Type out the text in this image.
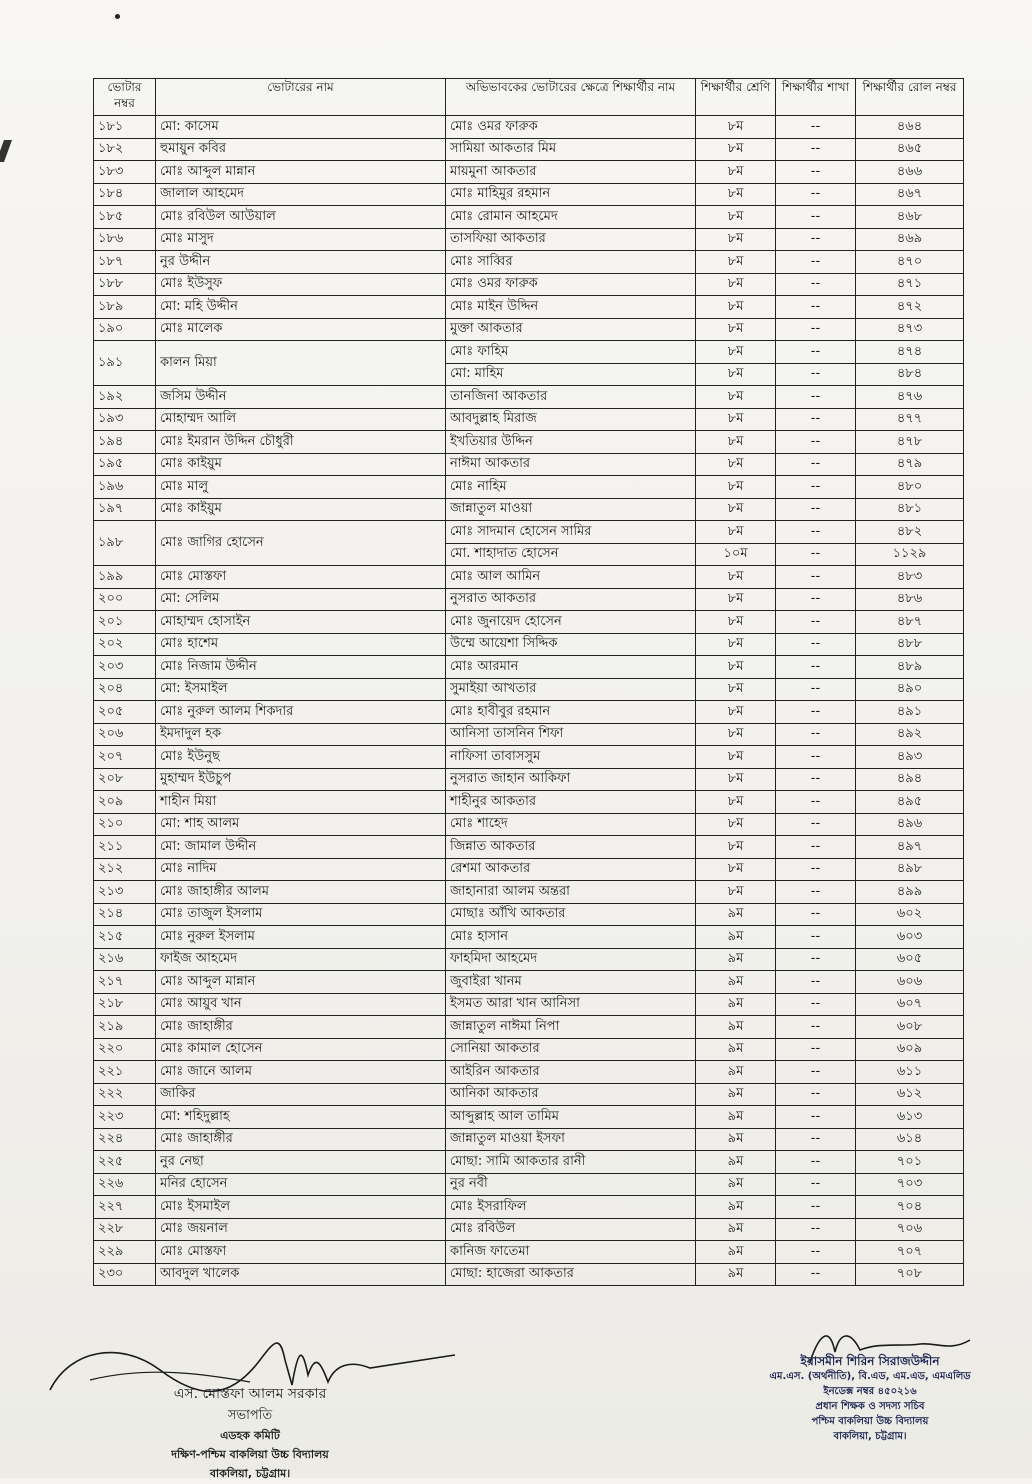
ভোটার নম্বর	ভোটারের নাম	অভিভাবকের ভোটারের ক্ষেত্রে শিক্ষার্থীর নাম	শিক্ষার্থীর শ্রেণি	শিক্ষার্থীর শাখা	শিক্ষার্থীর রোল নম্বর
১৮১	মো: কাসেম	মোঃ ওমর ফারুক	৮ম	--	৪৬৪
১৮২	হুমায়ুন কবির	সামিয়া আকতার মিম	৮ম	--	৪৬৫
১৮৩	মোঃ আব্দুল মান্নান	মায়মুনা আকতার	৮ম	--	৪৬৬
১৮৪	জালাল আহমেদ	মোঃ মাহিমুর রহমান	৮ম	--	৪৬৭
১৮৫	মোঃ রবিউল আউয়াল	মোঃ রোমান আহমেদ	৮ম	--	৪৬৮
১৮৬	মোঃ মাসুদ	তাসফিয়া আকতার	৮ম	--	৪৬৯
১৮৭	নুর উদ্দীন	মোঃ সাব্বির	৮ম	--	৪৭০
১৮৮	মোঃ ইউসুফ	মোঃ ওমর ফারুক	৮ম	--	৪৭১
১৮৯	মো: মহি উদ্দীন	মোঃ মাইন উদ্দিন	৮ম	--	৪৭২
১৯০	মোঃ মালেক	মুক্তা আকতার	৮ম	--	৪৭৩
১৯১	কালন মিয়া	মোঃ ফাহিম	৮ম	--	৪৭৪
		মো: মাহিম	৮ম	--	৪৮৪
১৯২	জসিম উদ্দীন	তানজিনা আকতার	৮ম	--	৪৭৬
১৯৩	মোহাম্মদ আলি	আবদুল্লাহ মিরাজ	৮ম	--	৪৭৭
১৯৪	মোঃ ইমরান উদ্দিন চৌধুরী	ইখতিয়ার উদ্দিন	৮ম	--	৪৭৮
১৯৫	মোঃ কাইয়ুম	নাঈমা আকতার	৮ম	--	৪৭৯
১৯৬	মোঃ মালু	মোঃ নাহিম	৮ম	--	৪৮০
১৯৭	মোঃ কাইয়ুম	জান্নাতুল মাওয়া	৮ম	--	৪৮১
১৯৮	মোঃ জাগির হোসেন	মোঃ সাদমান হোসেন সামির	৮ম	--	৪৮২
		মো. শাহাদাত হোসেন	১০ম	--	১১২৯
১৯৯	মোঃ মোস্তফা	মোঃ আল আমিন	৮ম	--	৪৮৩
২০০	মো: সেলিম	নুসরাত আকতার	৮ম	--	৪৮৬
২০১	মোহাম্মদ হোসাইন	মোঃ জুনায়েদ হোসেন	৮ম	--	৪৮৭
২০২	মোঃ হাশেম	উম্মে আয়েশা সিদ্দিক	৮ম	--	৪৮৮
২০৩	মোঃ নিজাম উদ্দীন	মোঃ আরমান	৮ম	--	৪৮৯
২০৪	মো: ইসমাইল	সুমাইয়া আখতার	৮ম	--	৪৯০
২০৫	মোঃ নুরুল আলম শিকদার	মোঃ হাবীবুর রহমান	৮ম	--	৪৯১
২০৬	ইমদাদুল হক	আনিসা তাসনিন শিফা	৮ম	--	৪৯২
২০৭	মোঃ ইউনুছ	নাফিসা তাবাসসুম	৮ম	--	৪৯৩
২০৮	মুহাম্মদ ইউচুপ	নুসরাত জাহান আকিফা	৮ম	--	৪৯৪
২০৯	শাহীন মিয়া	শাহীনুর আকতার	৮ম	--	৪৯৫
২১০	মো: শাহ আলম	মোঃ শাহেদ	৮ম	--	৪৯৬
২১১	মো: জামাল উদ্দীন	জিন্নাত আকতার	৮ম	--	৪৯৭
২১২	মোঃ নাদিম	রেশমা আকতার	৮ম	--	৪৯৮
২১৩	মোঃ জাহাঙ্গীর আলম	জাহানারা আলম অন্তরা	৮ম	--	৪৯৯
২১৪	মোঃ তাজুল ইসলাম	মোছাঃ আঁখি আকতার	৯ম	--	৬০২
২১৫	মোঃ নুরুল ইসলাম	মোঃ হাসান	৯ম	--	৬০৩
২১৬	ফাইজ আহমেদ	ফাহমিদা আহমেদ	৯ম	--	৬০৫
২১৭	মোঃ আব্দুল মান্নান	জুবাইরা খানম	৯ম	--	৬০৬
২১৮	মোঃ আয়ুব খান	ইসমত আরা খান আনিসা	৯ম	--	৬০৭
২১৯	মোঃ জাহাঙ্গীর	জান্নাতুল নাঈমা নিপা	৯ম	--	৬০৮
২২০	মোঃ কামাল হোসেন	সোনিয়া আকতার	৯ম	--	৬০৯
২২১	মোঃ জানে আলম	আইরিন আকতার	৯ম	--	৬১১
২২২	জাকির	আনিকা আকতার	৯ম	--	৬১২
২২৩	মো: শহিদুল্লাহ	আব্দুল্লাহ আল তামিম	৯ম	--	৬১৩
২২৪	মোঃ জাহাঙ্গীর	জান্নাতুল মাওয়া ইসফা	৯ম	--	৬১৪
২২৫	নুর নেছা	মোছা: সামি আকতার রানী	৯ম	--	৭০১
২২৬	মনির হোসেন	নুর নবী	৯ম	--	৭০৩
২২৭	মোঃ ইসমাইল	মোঃ ইসরাফিল	৯ম	--	৭০৪
২২৮	মোঃ জয়নাল	মোঃ রবিউল	৯ম	--	৭০৬
২২৯	মোঃ মোস্তফা	কানিজ ফাতেমা	৯ম	--	৭০৭
২৩০	আবদুল খালেক	মোছা: হাজেরা আকতার	৯ম	--	৭০৮
এস. মোস্তফা আলম সরকার
সভাপতি
এডহক কমিটি
দক্ষিণ-পশ্চিম বাকলিয়া উচ্চ বিদ্যালয়
বাকলিয়া, চট্টগ্রাম।
ইয়াসমীন শিরিন সিরাজউদ্দীন
এম.এস. (অর্থনীতি), বি.এড, এম.এড, এমএলিড
ইনডেক্স নম্বর ৪৫০২১৬
প্রধান শিক্ষক ও সদস্য সচিব
পশ্চিম বাকলিয়া উচ্চ বিদ্যালয়
বাকলিয়া, চট্টগ্রাম।
